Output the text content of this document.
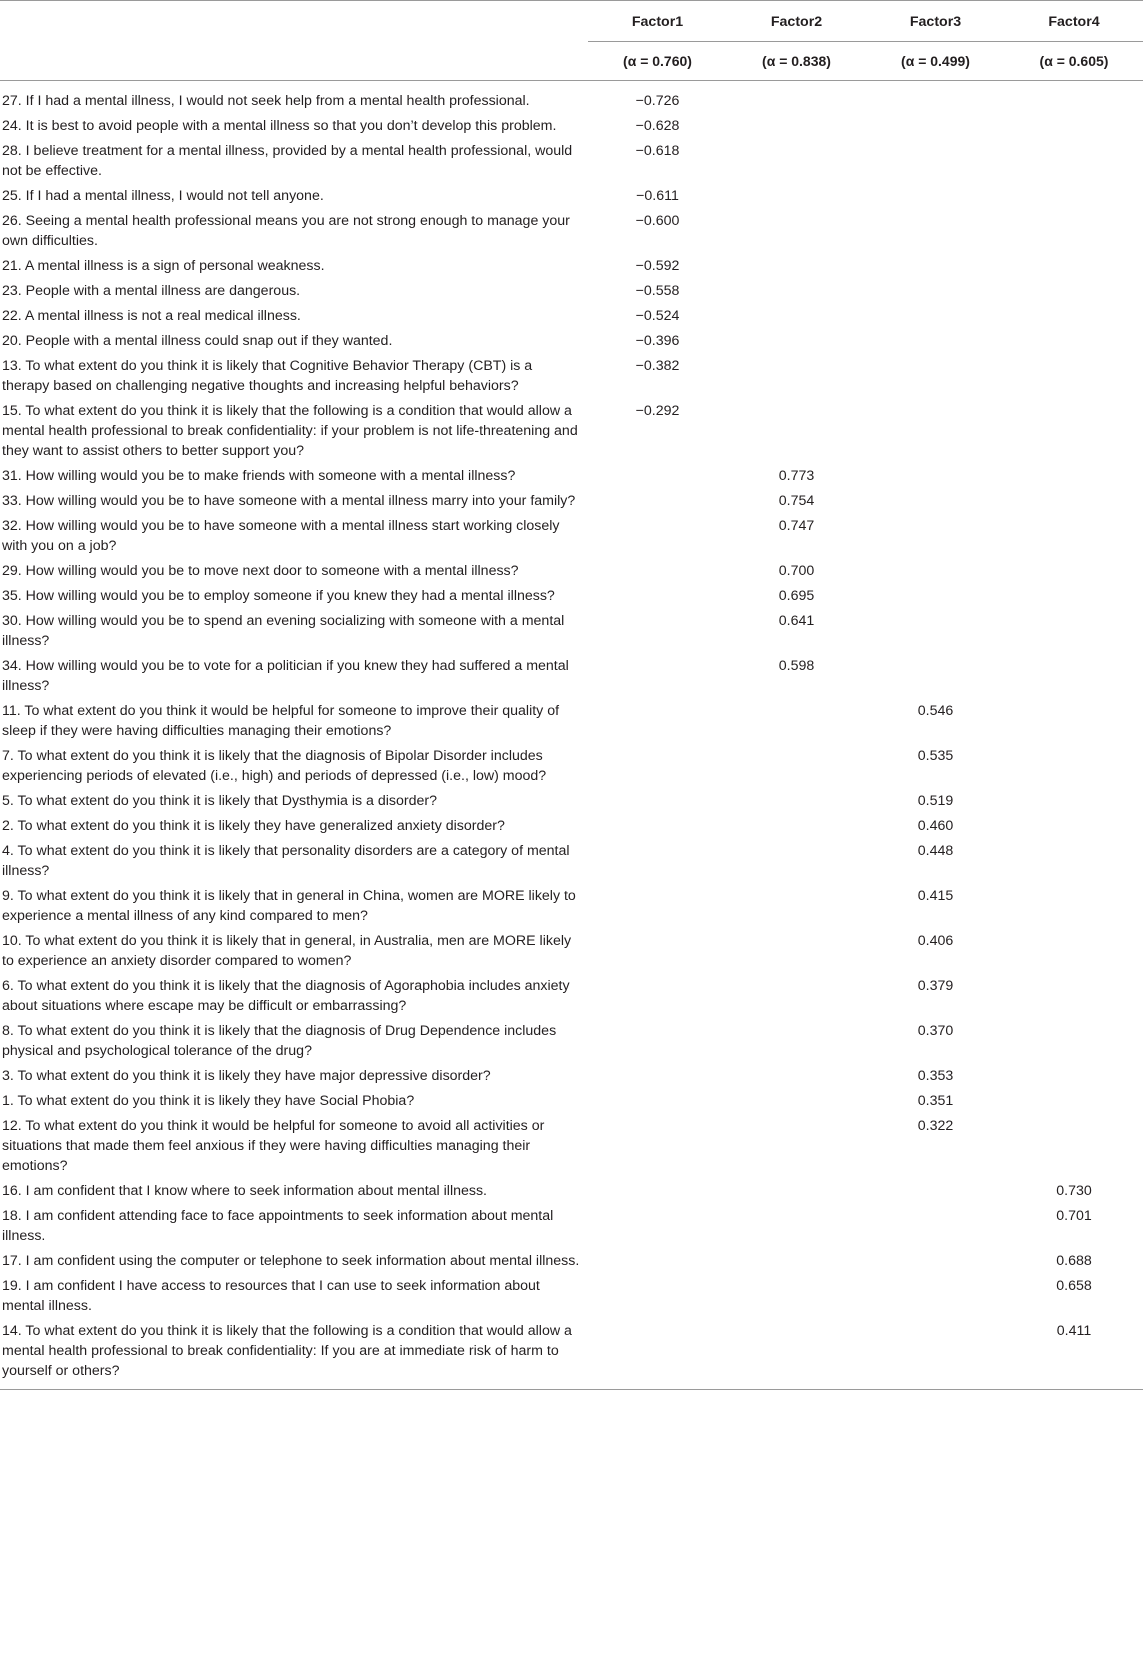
	Factor1	Factor2	Factor3	Factor4
	(α = 0.760)	(α = 0.838)	(α = 0.499)	(α = 0.605)
27. If I had a mental illness, I would not seek help from a mental health professional.	−0.726			
24. It is best to avoid people with a mental illness so that you don’t develop this problem.	−0.628			
28. I believe treatment for a mental illness, provided by a mental health professional, would not be effective.	−0.618			
25. If I had a mental illness, I would not tell anyone.	−0.611			
26. Seeing a mental health professional means you are not strong enough to manage your own difficulties.	−0.600			
21. A mental illness is a sign of personal weakness.	−0.592			
23. People with a mental illness are dangerous.	−0.558			
22. A mental illness is not a real medical illness.	−0.524			
20. People with a mental illness could snap out if they wanted.	−0.396			
13. To what extent do you think it is likely that Cognitive Behavior Therapy (CBT) is a therapy based on challenging negative thoughts and increasing helpful behaviors?	−0.382			
15. To what extent do you think it is likely that the following is a condition that would allow a mental health professional to break confidentiality: if your problem is not life-threatening and they want to assist others to better support you?	−0.292			
31. How willing would you be to make friends with someone with a mental illness?		0.773		
33. How willing would you be to have someone with a mental illness marry into your family?		0.754		
32. How willing would you be to have someone with a mental illness start working closely with you on a job?		0.747		
29. How willing would you be to move next door to someone with a mental illness?		0.700		
35. How willing would you be to employ someone if you knew they had a mental illness?		0.695		
30. How willing would you be to spend an evening socializing with someone with a mental illness?		0.641		
34. How willing would you be to vote for a politician if you knew they had suffered a mental illness?		0.598		
11. To what extent do you think it would be helpful for someone to improve their quality of sleep if they were having difficulties managing their emotions?			0.546	
7. To what extent do you think it is likely that the diagnosis of Bipolar Disorder includes experiencing periods of elevated (i.e., high) and periods of depressed (i.e., low) mood?			0.535	
5. To what extent do you think it is likely that Dysthymia is a disorder?			0.519	
2. To what extent do you think it is likely they have generalized anxiety disorder?			0.460	
4. To what extent do you think it is likely that personality disorders are a category of mental illness?			0.448	
9. To what extent do you think it is likely that in general in China, women are MORE likely to experience a mental illness of any kind compared to men?			0.415	
10. To what extent do you think it is likely that in general, in Australia, men are MORE likely to experience an anxiety disorder compared to women?			0.406	
6. To what extent do you think it is likely that the diagnosis of Agoraphobia includes anxiety about situations where escape may be difficult or embarrassing?			0.379	
8. To what extent do you think it is likely that the diagnosis of Drug Dependence includes physical and psychological tolerance of the drug?			0.370	
3. To what extent do you think it is likely they have major depressive disorder?			0.353	
1. To what extent do you think it is likely they have Social Phobia?			0.351	
12. To what extent do you think it would be helpful for someone to avoid all activities or situations that made them feel anxious if they were having difficulties managing their emotions?			0.322	
16. I am confident that I know where to seek information about mental illness.				0.730
18. I am confident attending face to face appointments to seek information about mental illness.				0.701
17. I am confident using the computer or telephone to seek information about mental illness.				0.688
19. I am confident I have access to resources that I can use to seek information about mental illness.				0.658
14. To what extent do you think it is likely that the following is a condition that would allow a mental health professional to break confidentiality: If you are at immediate risk of harm to yourself or others?				0.411
